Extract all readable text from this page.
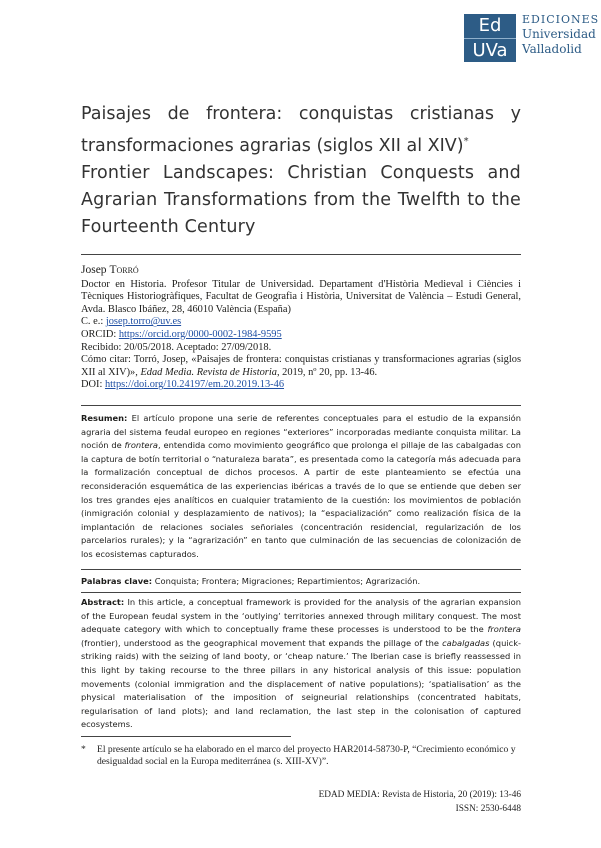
Ed
UVa
EDICIONES
Universidad
Valladolid
Paisajes de frontera: conquistas cristianas y transformaciones agrarias (siglos XII al XIV)*
Frontier Landscapes: Christian Conquests and Agrarian Transformations from the Twelfth to the Fourteenth Century
Josep Torró
Doctor en Historia. Profesor Titular de Universidad. Departament d'Història Medieval i Ciències i Tècniques Historiogràfiques, Facultat de Geografia i Història, Universitat de València – Estudi General, Avda. Blasco Ibáñez, 28, 46010 València (España)
C. e.: josep.torro@uv.es
ORCID: https://orcid.org/0000-0002-1984-9595
Recibido: 20/05/2018. Aceptado: 27/09/2018.
Cómo citar: Torró, Josep, «Paisajes de frontera: conquistas cristianas y transformaciones agrarias (siglos XII al XIV)», Edad Media. Revista de Historia, 2019, nº 20, pp. 13-46.
DOI: https://doi.org/10.24197/em.20.2019.13-46
Resumen: El artículo propone una serie de referentes conceptuales para el estudio de la expansión agraria del sistema feudal europeo en regiones “exteriores” incorporadas mediante conquista militar. La noción de frontera, entendida como movimiento geográfico que prolonga el pillaje de las cabalgadas con la captura de botín territorial o “naturaleza barata”, es presentada como la categoría más adecuada para la formalización conceptual de dichos procesos. A partir de este planteamiento se efectúa una reconsideración esquemática de las experiencias ibéricas a través de lo que se entiende que deben ser los tres grandes ejes analíticos en cualquier tratamiento de la cuestión: los movimientos de población (inmigración colonial y desplazamiento de nativos); la “espacialización” como realización física de la implantación de relaciones sociales señoriales (concentración residencial, regularización de los parcelarios rurales); y la “agrarización” en tanto que culminación de las secuencias de colonización de los ecosistemas capturados.
Palabras clave: Conquista; Frontera; Migraciones; Repartimientos; Agrarización.
Abstract: In this article, a conceptual framework is provided for the analysis of the agrarian expansion of the European feudal system in the ‘outlying’ territories annexed through military conquest. The most adequate category with which to conceptually frame these processes is understood to be the frontera (frontier), understood as the geographical movement that expands the pillage of the cabalgadas (quick-striking raids) with the seizing of land booty, or ‘cheap nature.’ The Iberian case is briefly reassessed in this light by taking recourse to the three pillars in any historical analysis of this issue: population movements (colonial immigration and the displacement of native populations); ‘spatialisation’ as the physical materialisation of the imposition of seigneurial relationships (concentrated habitats, regularisation of land plots); and land reclamation, the last step in the colonisation of captured ecosystems.
*	El presente artículo se ha elaborado en el marco del proyecto HAR2014-58730-P, “Crecimiento económico y desigualdad social en la Europa mediterránea (s. XIII-XV)”.
EDAD MEDIA: Revista de Historia, 20 (2019): 13-46
ISSN: 2530-6448
